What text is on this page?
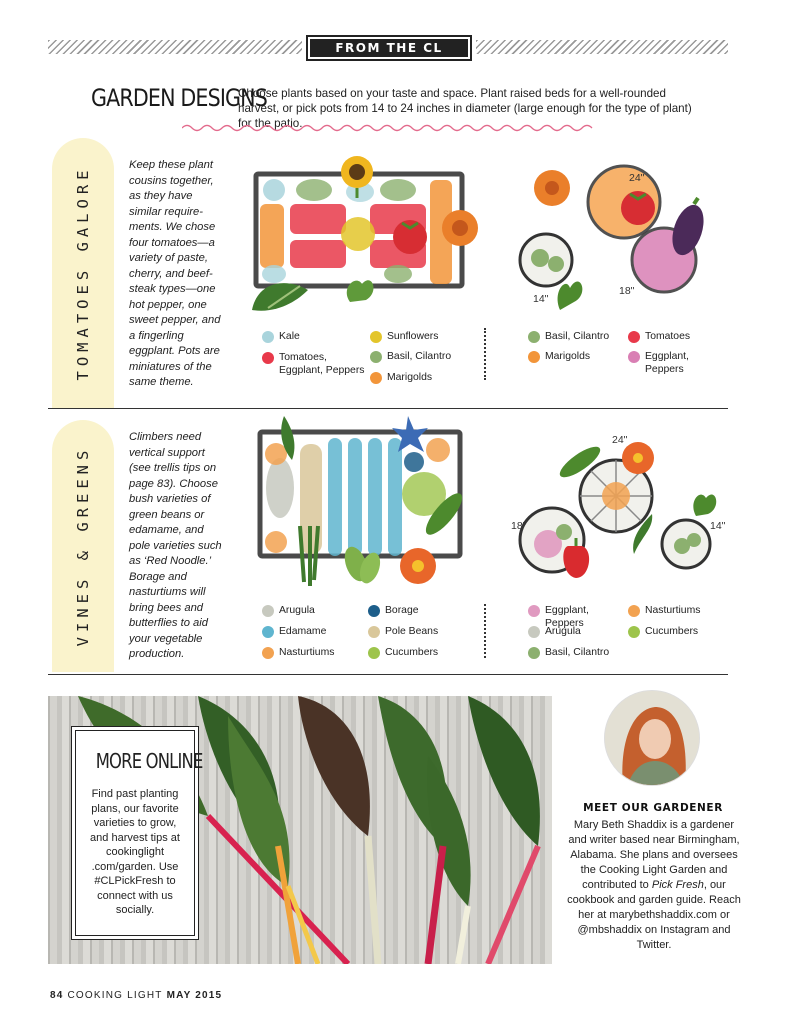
FROM THE CL GARDEN
GARDEN DESIGNS
Choose plants based on your taste and space. Plant raised beds for a well-rounded harvest, or pick pots from 14 to 24 inches in diameter (large enough for the type of plant) for the patio.
TOMATOES GALORE
Keep these plant cousins together, as they have similar require-ments. We chose four tomatoes—a variety of paste, cherry, and beef-steak types—one hot pepper, one sweet pepper, and a fingerling eggplant. Pots are miniatures of the same theme.
24"
14"
18"
Kale
Tomatoes, Eggplant, Peppers
Sunflowers
Basil, Cilantro
Marigolds
Basil, Cilantro
Marigolds
Tomatoes
Eggplant, Peppers
VINES & GREENS
Climbers need vertical support (see trellis tips on page 83). Choose bush varieties of green beans or edamame, and pole varieties such as ‘Red Noodle.’ Borage and nasturtiums will bring bees and butterflies to aid your vegetable production.
24"
18"	14"
Arugula
Edamame
Nasturtiums
Borage
Pole Beans
Cucumbers
Eggplant, Peppers
Arugula
Basil, Cilantro
Nasturtiums
Cucumbers
MORE ONLINE
Find past planting plans, our favorite varieties to grow, and harvest tips at cookinglight .com/garden. Use #CLPickFresh to connect with us socially.
MEET OUR GARDENER
Mary Beth Shaddix is a gardener and writer based near Birmingham, Alabama. She plans and oversees the Cooking Light Garden and contributed to Pick Fresh, our cookbook and garden guide. Reach her at marybethshaddix.com or @mbshaddix on Instagram and Twitter.
84 COOKING LIGHT MAY 2015
